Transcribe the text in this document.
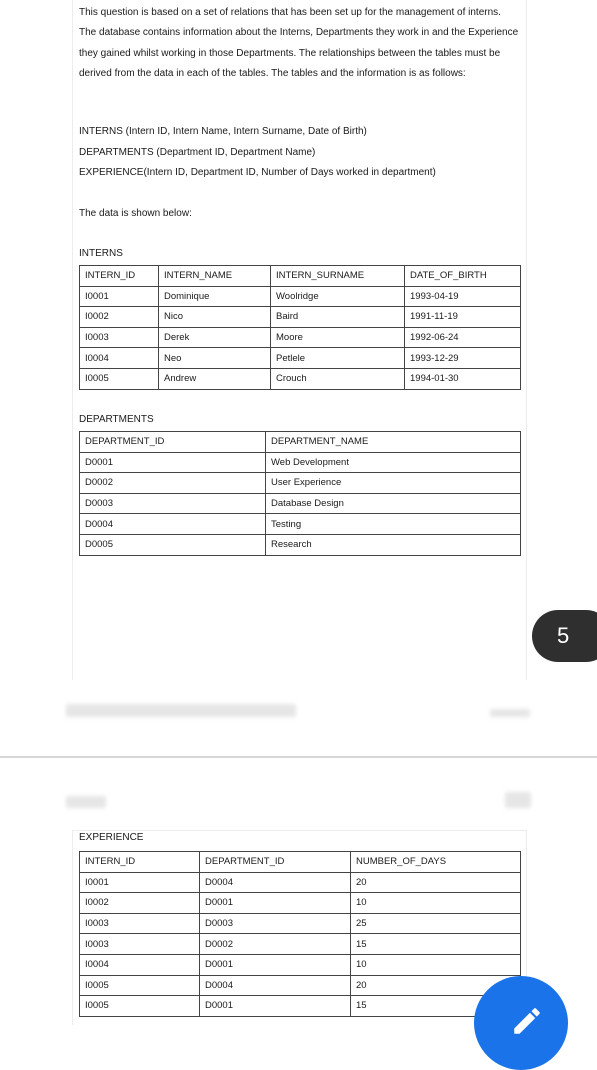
This question is based on a set of relations that has been set up for the management of interns. The database contains information about the Interns, Departments they work in and the Experience they gained whilst working in those Departments. The relationships between the tables must be derived from the data in each of the tables. The tables and the information is as follows:

INTERNS (Intern ID, Intern Name, Intern Surname, Date of Birth)

DEPARTMENTS (Department ID, Department Name)

EXPERIENCE(Intern ID, Department ID, Number of Days worked in department)

The data is shown below:

INTERNS
INTERN_ID	INTERN_NAME	INTERN_SURNAME	DATE_OF_BIRTH
I0001	Dominique	Woolridge	1993-04-19
I0002	Nico	Baird	1991-11-19
I0003	Derek	Moore	1992-06-24
I0004	Neo	Petlele	1993-12-29
I0005	Andrew	Crouch	1994-01-30
DEPARTMENTS
DEPARTMENT_ID	DEPARTMENT_NAME
D0001	Web Development
D0002	User Experience
D0003	Database Design
D0004	Testing
D0005	Research
EXPERIENCE
INTERN_ID	DEPARTMENT_ID	NUMBER_OF_DAYS
I0001	D0004	20
I0002	D0001	10
I0003	D0003	25
I0003	D0002	15
I0004	D0001	10
I0005	D0004	20
I0005	D0001	15
5
